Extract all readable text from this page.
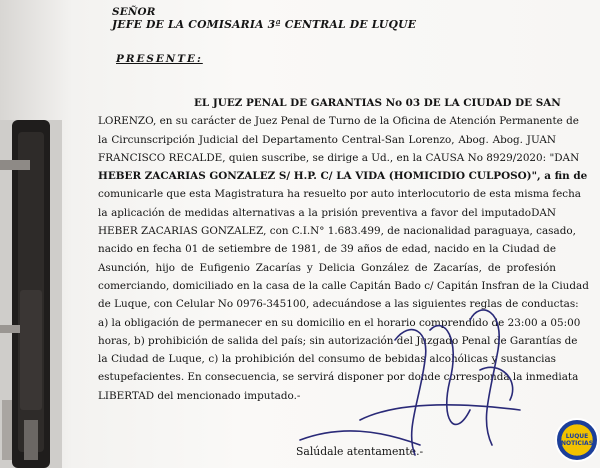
SEÑOR
JEFE DE LA COMISARIA 3ª CENTRAL DE LUQUE
PRESENTE:

EL JUEZ PENAL DE GARANTIAS No 03 DE LA CIUDAD DE SAN

LORENZO, en su carácter de Juez Penal de Turno de la Oficina de Atención Permanente de

la Circunscripción Judicial del Departamento Central-San Lorenzo, Abog. Abog. JUAN

FRANCISCO RECALDE, quien suscribe, se dirige a Ud., en la CAUSA No 8929/2020: "DAN

HEBER ZACARIAS GONZALEZ S/ H.P. C/ LA VIDA (HOMICIDIO CULPOSO)", a fin de

comunicarle que esta Magistratura ha resuelto por auto interlocutorio de esta misma fecha

la aplicación de medidas alternativas a la prisión preventiva a favor del imputadoDAN

HEBER ZACARIAS GONZALEZ, con C.I.N° 1.683.499, de nacionalidad paraguaya, casado,

nacido en fecha 01 de setiembre de 1981, de 39 años de edad, nacido en la Ciudad de

Asunción, hijo de Eufigenio Zacarías y Delicia González de Zacarías, de profesión

comerciando, domiciliado en la casa de la calle Capitán Bado c/ Capitán Insfran de la Ciudad

de Luque, con Celular No 0976-345100, adecuándose a las siguientes reglas de conductas:

a) la obligación de permanecer en su domicilio en el horario comprendido de 23:00 a 05:00

horas, b) prohibición de salida del país; sin autorización del Juzgado Penal de Garantías de

la Ciudad de Luque, c) la prohibición del consumo de bebidas alcohólicas y sustancias

estupefacientes. En consecuencia, se servirá disponer por donde corresponda la inmediata

LIBERTAD del mencionado imputado.-

Salúdale atentamente.-
LUQUE NOTICIAS
